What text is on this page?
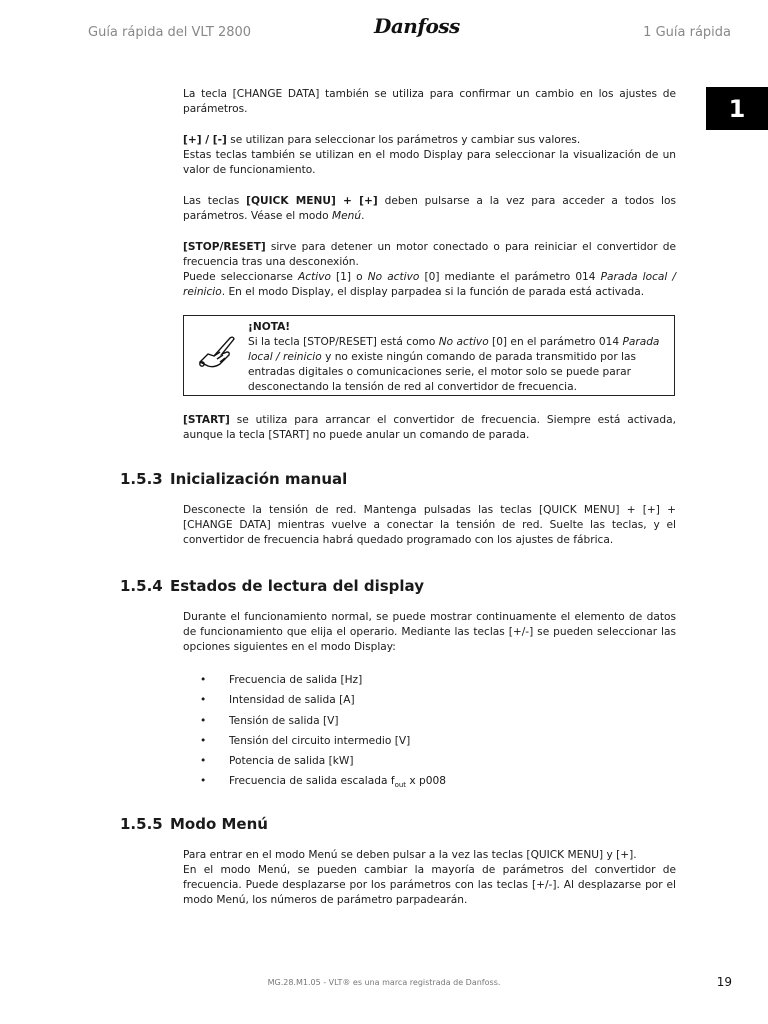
Guía rápida del VLT 2800	Danfoss	1 Guía rápida
1

La tecla [CHANGE DATA] también se utiliza para confirmar un cambio en los ajustes de parámetros.

[+] / [-] se utilizan para seleccionar los parámetros y cambiar sus valores.
Estas teclas también se utilizan en el modo Display para seleccionar la visualización de un valor de funcionamiento.

Las teclas [QUICK MENU] + [+] deben pulsarse a la vez para acceder a todos los parámetros. Véase el modo Menú.

[STOP/RESET] sirve para detener un motor conectado o para reiniciar el convertidor de frecuencia tras una desconexión.
Puede seleccionarse Activo [1] o No activo [0] mediante el parámetro 014 Parada local / reinicio. En el modo Display, el display parpadea si la función de parada está activada.

¡NOTA!
Si la tecla [STOP/RESET] está como No activo [0] en el parámetro 014 Parada local / reinicio y no existe ningún comando de parada transmitido por las entradas digitales o comunicaciones serie, el motor solo se puede parar desconectando la tensión de red al convertidor de frecuencia.
[START] se utiliza para arrancar el convertidor de frecuencia. Siempre está activada, aunque la tecla [START] no puede anular un comando de parada.
1.5.3 Inicialización manual
Desconecte la tensión de red. Mantenga pulsadas las teclas [QUICK MENU] + [+] + [CHANGE DATA] mientras vuelve a conectar la tensión de red. Suelte las teclas, y el convertidor de frecuencia habrá quedado programado con los ajustes de fábrica.
1.5.4 Estados de lectura del display
Durante el funcionamiento normal, se puede mostrar continuamente el elemento de datos de funcionamiento que elija el operario. Mediante las teclas [+/-] se pueden seleccionar las opciones siguientes en el modo Display:
• Frecuencia de salida [Hz]
• Intensidad de salida [A]
• Tensión de salida [V]
• Tensión del circuito intermedio [V]
• Potencia de salida [kW]
• Frecuencia de salida escalada $f_{out}$ x p008
1.5.5 Modo Menú
Para entrar en el modo Menú se deben pulsar a la vez las teclas [QUICK MENU] y [+].
En el modo Menú, se pueden cambiar la mayoría de parámetros del convertidor de frecuencia. Puede desplazarse por los parámetros con las teclas [+/-]. Al desplazarse por el modo Menú, los números de parámetro parpadearán.
MG.28.M1.05 - VLT® es una marca registrada de Danfoss.	19
